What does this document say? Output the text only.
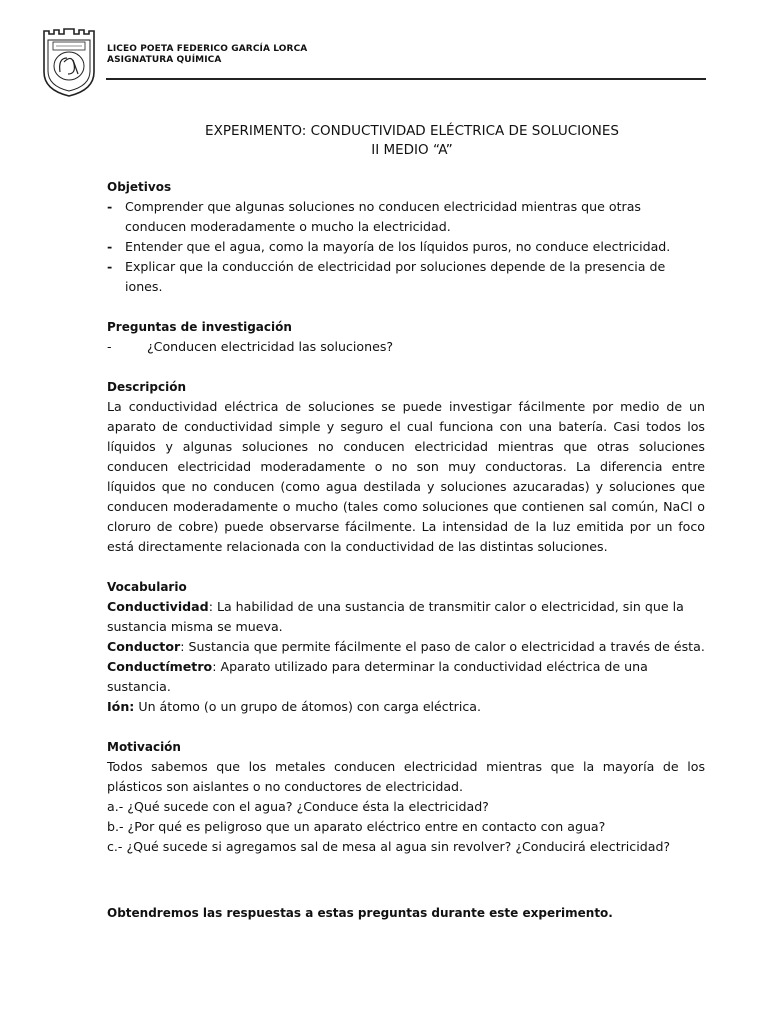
LICEO POETA FEDERICO GARCÍA LORCA
ASIGNATURA QUÍMICA
EXPERIMENTO: CONDUCTIVIDAD ELÉCTRICA DE SOLUCIONES
II MEDIO “A”
Objetivos
-	Comprender que algunas soluciones no conducen electricidad mientras que otras conducen moderadamente o mucho la electricidad.
-	Entender que el agua, como la mayoría de los líquidos puros, no conduce electricidad.
-	Explicar que la conducción de electricidad por soluciones depende de la presencia de iones.
Preguntas de investigación
-	¿Conducen electricidad las soluciones?
Descripción
La conductividad eléctrica de soluciones se puede investigar fácilmente por medio de un aparato de conductividad simple y seguro el cual funciona con una batería. Casi todos los líquidos y algunas soluciones no conducen electricidad mientras que otras soluciones conducen electricidad moderadamente o no son muy conductoras. La diferencia entre líquidos que no conducen (como agua destilada y soluciones azucaradas) y soluciones que conducen moderadamente o mucho (tales como soluciones que contienen sal común, NaCl o cloruro de cobre) puede observarse fácilmente. La intensidad de la luz emitida por un foco está directamente relacionada con la conductividad de las distintas soluciones.
Vocabulario
Conductividad: La habilidad de una sustancia de transmitir calor o electricidad, sin que la sustancia misma se mueva.
Conductor: Sustancia que permite fácilmente el paso de calor o electricidad a través de ésta.
Conductímetro: Aparato utilizado para determinar la conductividad eléctrica de una sustancia.
Ión: Un átomo (o un grupo de átomos) con carga eléctrica.
Motivación
Todos sabemos que los metales conducen electricidad mientras que la mayoría de los plásticos son aislantes o no conductores de electricidad.
a.- ¿Qué sucede con el agua? ¿Conduce ésta la electricidad?
b.- ¿Por qué es peligroso que un aparato eléctrico entre en contacto con agua?
c.- ¿Qué sucede si agregamos sal de mesa al agua sin revolver? ¿Conducirá electricidad?
Obtendremos las respuestas a estas preguntas durante este experimento.
